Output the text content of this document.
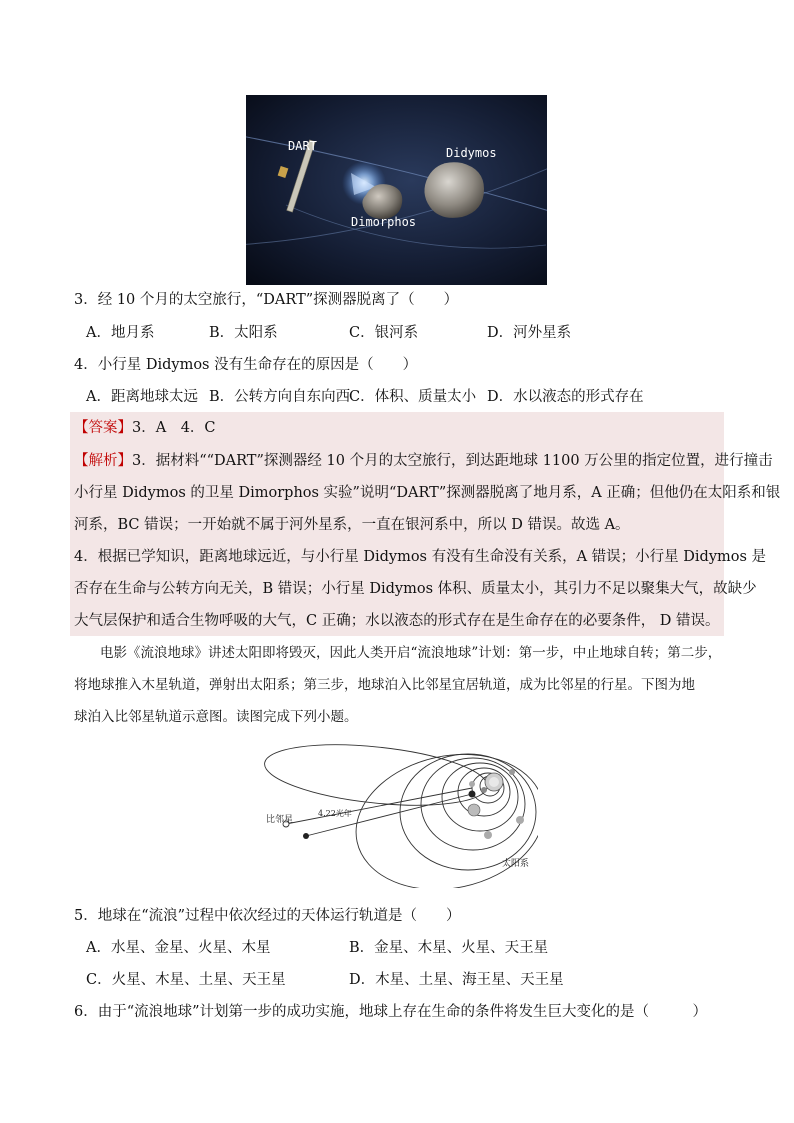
DART	Didymos
Dimorphos
3．经 10 个月的太空旅行，“DART”探测器脱离了（　　）
A．地月系	B．太阳系	C．银河系	D．河外星系
4．小行星 Didymos 没有生命存在的原因是（　　）
A．距离地球太远 B．公转方向自东向西
C．体积、质量太小 D．水以液态的形式存在
【答案】3．A　4．C
【解析】3．据材料““DART”探测器经 10 个月的太空旅行，到达距地球 1100 万公里的指定位置，进行撞击
小行星 Didymos 的卫星 Dimorphos 实验”说明“DART”探测器脱离了地月系，A 正确；但他仍在太阳系和银
河系，BC 错误；一开始就不属于河外星系，一直在银河系中，所以 D 错误。故选 A。
4．根据已学知识，距离地球远近，与小行星 Didymos 有没有生命没有关系，A 错误；小行星 Didymos 是
否存在生命与公转方向无关，B 错误；小行星 Didymos 体积、质量太小，其引力不足以聚集大气，故缺少
大气层保护和适合生物呼吸的大气，C 正确；水以液态的形式存在是生命存在的必要条件， D 错误。
电影《流浪地球》讲述太阳即将毁灭，因此人类开启“流浪地球”计划：第一步，中止地球自转；第二步，
将地球推入木星轨道，弹射出太阳系；第三步，地球泊入比邻星宜居轨道，成为比邻星的行星。下图为地
球泊入比邻星轨道示意图。读图完成下列小题。
比邻星
4.22光年
太阳系
5．地球在“流浪”过程中依次经过的天体运行轨道是（　　）
A．水星、金星、火星、木星	B．金星、木星、火星、天王星
C．火星、木星、土星、天王星	D．木星、土星、海王星、天王星
6．由于“流浪地球”计划第一步的成功实施，地球上存在生命的条件将发生巨大变化的是（　　　）
